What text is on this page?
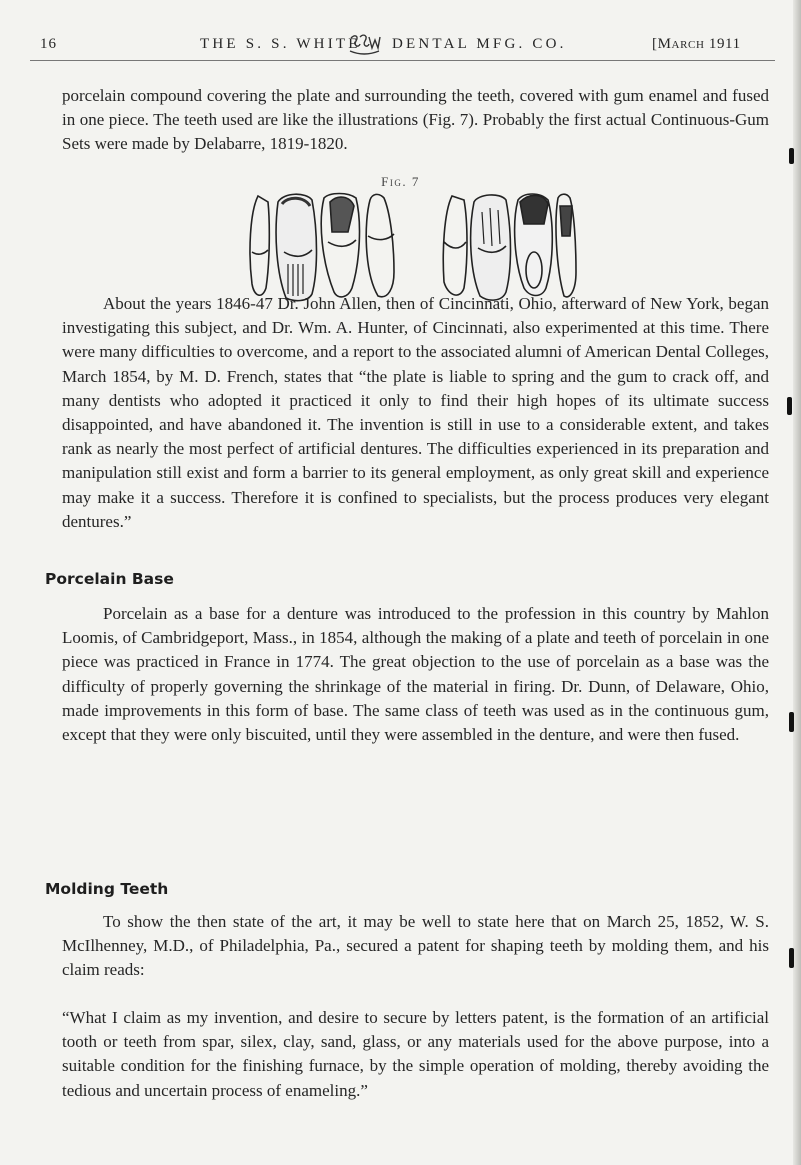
16	THE S. S. WHITE DENTAL MFG. CO.	[March 1911

porcelain compound covering the plate and surrounding the teeth, covered with gum enamel and fused in one piece. The teeth used are like the illustrations (Fig. 7). Probably the first actual Continuous-Gum Sets were made by Delabarre, 1819-1820.

Fig. 7

About the years 1846-47 Dr. John Allen, then of Cincinnati, Ohio, afterward of New York, began investigating this subject, and Dr. Wm. A. Hunter, of Cincinnati, also experimented at this time. There were many difficulties to overcome, and a report to the associated alumni of American Dental Colleges, March 1854, by M. D. French, states that “the plate is liable to spring and the gum to crack off, and many dentists who adopted it practiced it only to find their high hopes of its ultimate success disappointed, and have abandoned it. The invention is still in use to a considerable extent, and takes rank as nearly the most perfect of artificial dentures. The difficulties experienced in its preparation and manipulation still exist and form a barrier to its general employment, as only great skill and experience may make it a success. Therefore it is confined to specialists, but the process produces very elegant dentures.”

Porcelain Base

Porcelain as a base for a denture was introduced to the profession in this country by Mahlon Loomis, of Cambridgeport, Mass., in 1854, although the making of a plate and teeth of porcelain in one piece was practiced in France in 1774. The great objection to the use of porcelain as a base was the difficulty of properly governing the shrinkage of the material in firing. Dr. Dunn, of Delaware, Ohio, made improvements in this form of base. The same class of teeth was used as in the continuous gum, except that they were only biscuited, until they were assembled in the denture, and were then fused.

Molding Teeth

To show the then state of the art, it may be well to state here that on March 25, 1852, W. S. McIlhenney, M.D., of Philadelphia, Pa., secured a patent for shaping teeth by molding them, and his claim reads:

“What I claim as my invention, and desire to secure by letters patent, is the formation of an artificial tooth or teeth from spar, silex, clay, sand, glass, or any materials used for the above purpose, into a suitable condition for the finishing furnace, by the simple operation of molding, thereby avoiding the tedious and uncertain process of enameling.”
